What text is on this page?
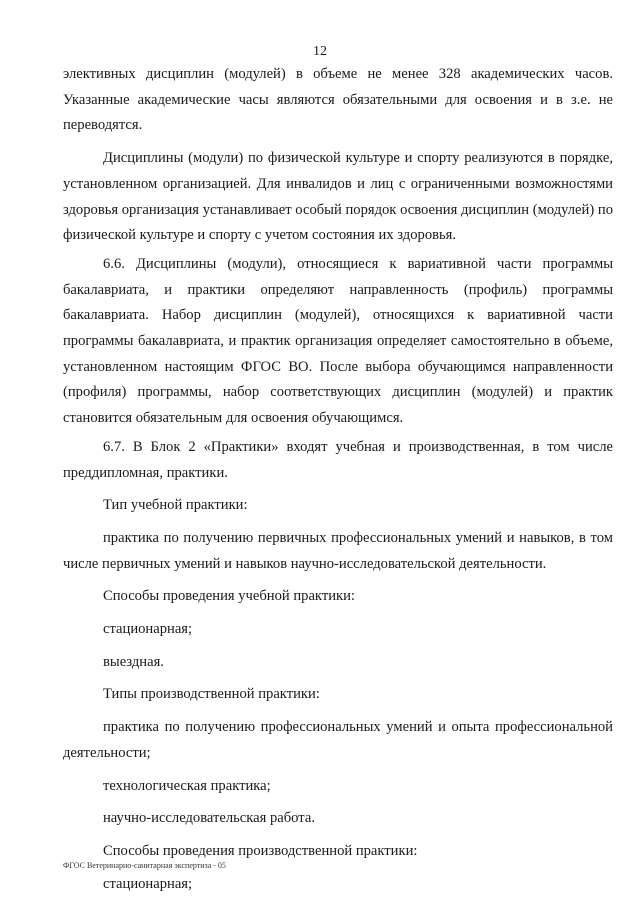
12

элективных дисциплин (модулей) в объеме не менее 328 академических часов. Указанные академические часы являются обязательными для освоения и в з.е. не переводятся.

Дисциплины (модули) по физической культуре и спорту реализуются в порядке, установленном организацией. Для инвалидов и лиц с ограниченными возможностями здоровья организация устанавливает особый порядок освоения дисциплин (модулей) по физической культуре и спорту с учетом состояния их здоровья.

6.6. Дисциплины (модули), относящиеся к вариативной части программы бакалавриата, и практики определяют направленность (профиль) программы бакалавриата. Набор дисциплин (модулей), относящихся к вариативной части программы бакалавриата, и практик организация определяет самостоятельно в объеме, установленном настоящим ФГОС ВО. После выбора обучающимся направленности (профиля) программы, набор соответствующих дисциплин (модулей) и практик становится обязательным для освоения обучающимся.

6.7. В Блок 2 «Практики» входят учебная и производственная, в том числе преддипломная, практики.

Тип учебной практики:

практика по получению первичных профессиональных умений и навыков, в том числе первичных умений и навыков научно-исследовательской деятельности.

Способы проведения учебной практики:

стационарная;

выездная.

Типы производственной практики:

практика по получению профессиональных умений и опыта профессиональной деятельности;

технологическая практика;

научно-исследовательская работа.

Способы проведения производственной практики:

стационарная;

ФГОС Ветеринарно-санитарная экспертиза - 05
